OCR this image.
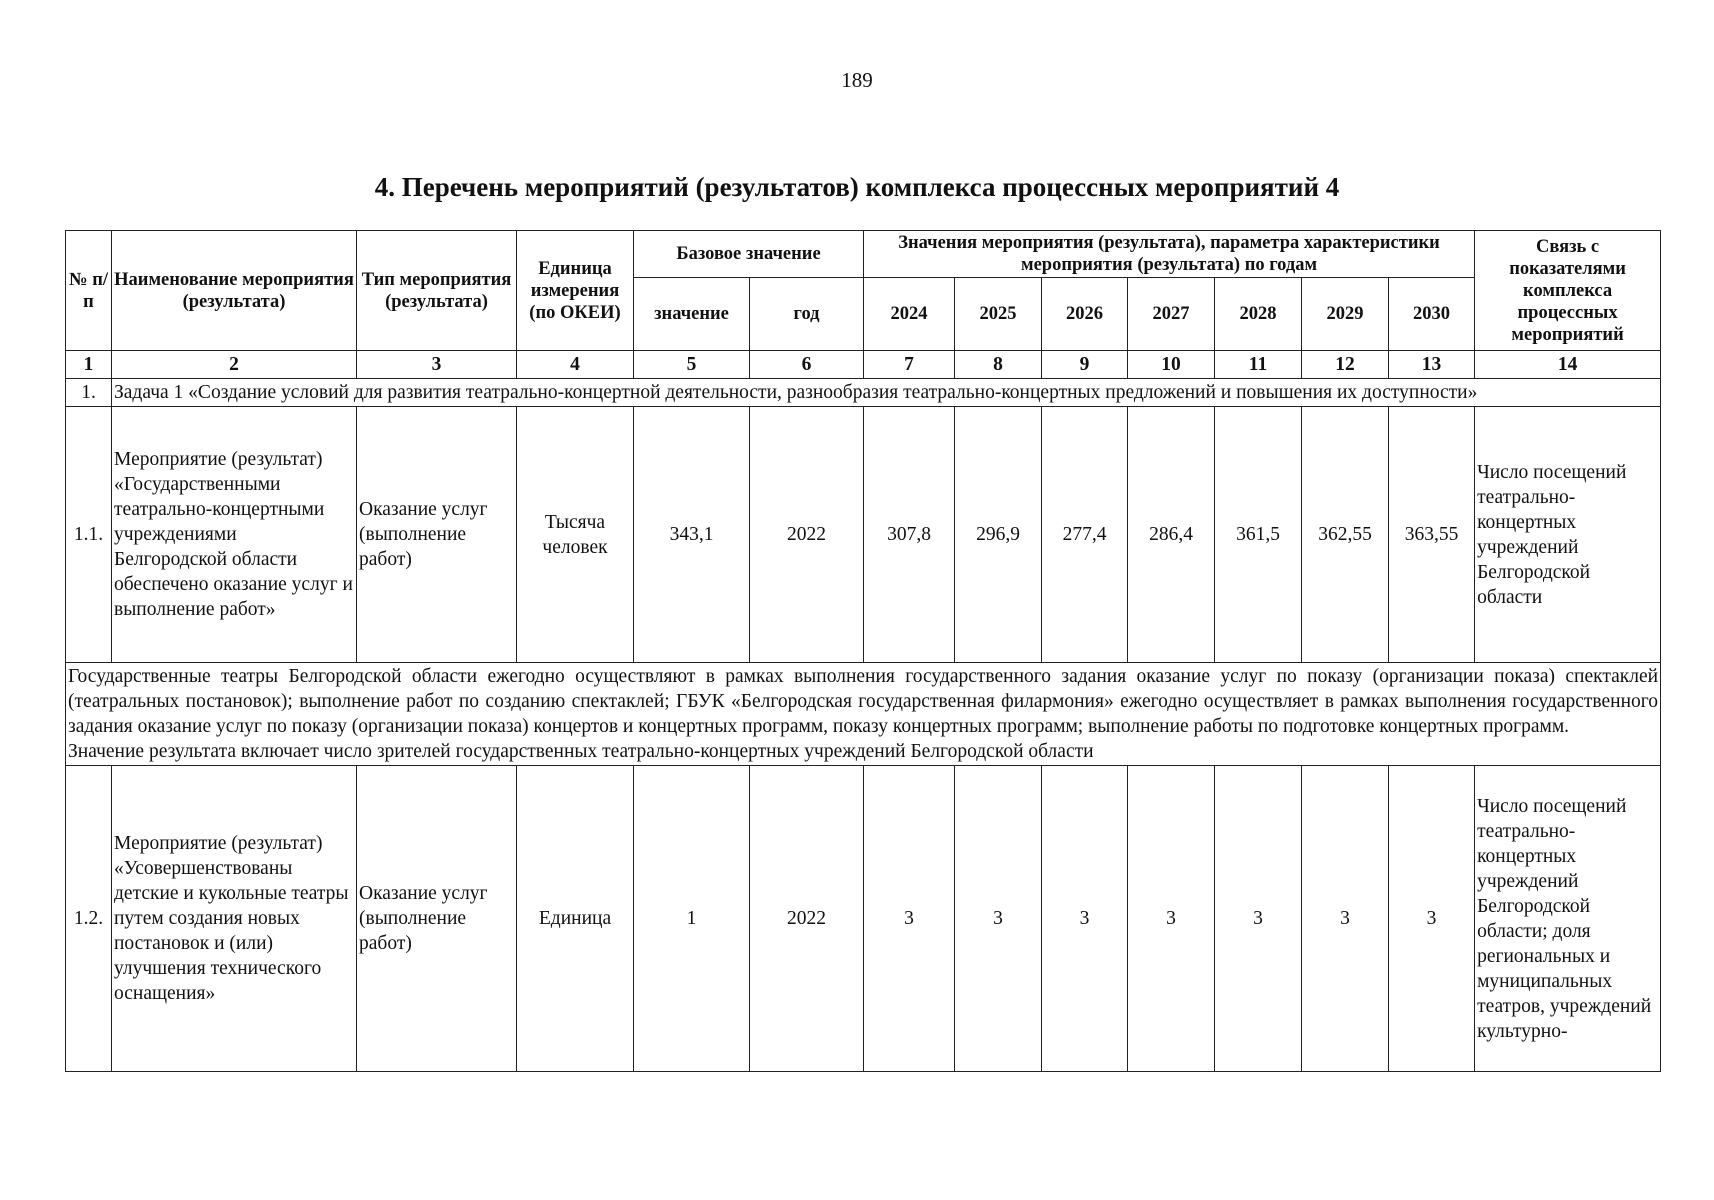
189
4. Перечень мероприятий (результатов) комплекса процессных мероприятий 4
№ п/п	Наименование мероприятия (результата)	Тип мероприятия (результата)	Единица измерения (по ОКЕИ)	Базовое значение		Значения мероприятия (результата), параметра характеристики мероприятия (результата) по годам							Связь с показателями комплекса процессных мероприятий
				значение	год	2024	2025	2026	2027	2028	2029	2030	
1	2	3	4	5	6	7	8	9	10	11	12	13	14
1.	Задача 1 «Создание условий для развития театрально-концертной деятельности, разнообразия театрально-концертных предложений и повышения их доступности»												
1.1.	Мероприятие (результат) «Государственными театрально-концертными учреждениями Белгородской области обеспечено оказание услуг и выполнение работ»	Оказание услуг (выполнение работ)	Тысяча человек	343,1	2022	307,8	296,9	277,4	286,4	361,5	362,55	363,55	Число посещений театрально-концертных учреждений Белгородской области

Государственные театры Белгородской области ежегодно осуществляют в рамках выполнения государственного задания оказание услуг по показу (организации показа) спектаклей (театральных постановок); выполнение работ по созданию спектаклей; ГБУК «Белгородская государственная филармония» ежегодно осуществляет в рамках выполнения государственного задания оказание услуг по показу (организации показа) концертов и концертных программ, показу концертных программ; выполнение работы по подготовке концертных программ.

Значение результата включает число зрителей государственных театрально-концертных учреждений Белгородской области													

1.2.	Мероприятие (результат) «Усовершенствованы детские и кукольные театры путем создания новых постановок и (или) улучшения технического оснащения»	Оказание услуг (выполнение работ)	Единица	1	2022	3	3	3	3	3	3	3	Число посещений театрально-концертных учреждений Белгородской области; доля региональных и муниципальных театров, учреждений культурно-
